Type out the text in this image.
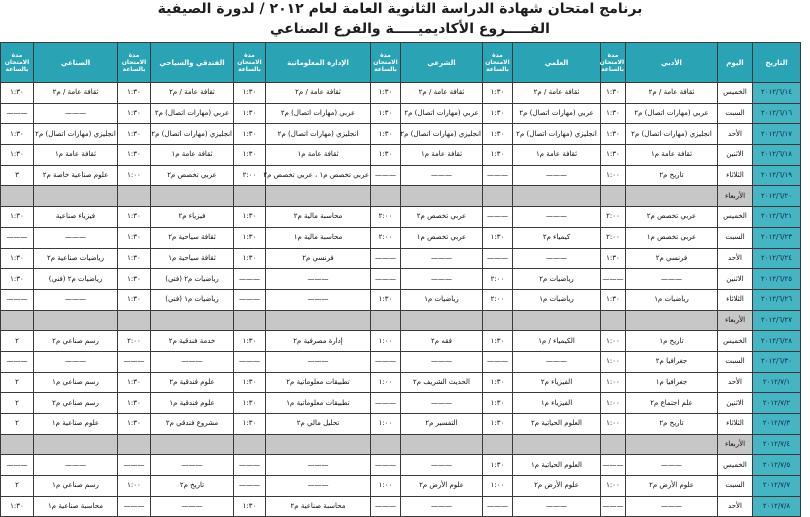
برنامج امتحان شهادة الدراسة الثانوية العامة لعام ٢٠١٢ / لدورة الصيفية
الفـــــروع الأكاديميـــــة والفرع الصناعي
التاريخ	اليوم	الأدبي	مدة الامتحان بالساعة	العلمي	مدة الامتحان بالساعة	الشرعي	مدة الامتحان بالساعة	الإدارة المعلوماتية	مدة الامتحان بالساعة	الفندقي والسياحي	مدة الامتحان بالساعة	الصناعي	مدة الامتحان بالساعة
٢٠١٢/٦/١٤	الخميس	ثقافة عامة / م٢	١:٣٠	ثقافة عامة / م٢	١:٣٠	ثقافة عامة / م٢	١:٣٠	ثقافة عامة / م٢	١:٣٠	ثقافة عامة / م٢	١:٣٠	ثقافة عامة / م٢	١:٣٠
٢٠١٢/٦/١٦	السبت	عربي (مهارات اتصال) م٢	١:٣٠	عربي (مهارات اتصال) م٢	١:٣٠	عربي (مهارات اتصال) م٢	١:٣٠	عربي (مهارات اتصال) م٢	١:٣٠	عربي (مهارات اتصال) م٢	١:٣٠	———	———
٢٠١٢/٦/١٧	الأحد	انجليزي (مهارات اتصال) م٢	١:٣٠	انجليزي (مهارات اتصال) م٢	١:٣٠	انجليزي (مهارات اتصال) م٢	١:٣٠	انجليزي (مهارات اتصال) م٢	١:٣٠	انجليزي (مهارات اتصال) م٢	١:٣٠	انجليزي (مهارات اتصال) م٢	١:٣٠
٢٠١٢/٦/١٨	الاثنين	ثقافة عامة م١	١:٣٠	ثقافة عامة م١	١:٣٠	ثقافة عامة م١	١:٣٠	ثقافة عامة م١	١:٣٠	ثقافة عامة م١	١:٣٠	ثقافة عامة م١	١:٣٠
٢٠١٢/٦/١٩	الثلاثاء	تاريخ م٢	١:٠٠	———	———	———	———	عربي تخصص م١ ، عربي تخصص م٢	٢:٠٠	عربي تخصص م٢	١:٠٠	علوم صناعية خاصة م٢	٣
٢٠١٢/٦/٢٠	الأربعاء												
٢٠١٢/٦/٢١	الخميس	عربي تخصص م٢	٢:٠٠	———	———	عربي تخصص م٢	٢:٠٠	محاسبة مالية م٢	١:٣٠	فيزياء م٢	١:٣٠	فيزياء صناعية	١:٣٠
٢٠١٢/٦/٢٣	السبت	عربي تخصص م١	٢:٠٠	كيمياء م٢	١:٣٠	عربي تخصص م١	٢:٠٠	محاسبة مالية م١	١:٣٠	ثقافة سياحية م٢	١:٣٠	———	———
٢٠١٢/٦/٢٤	الأحد	فرنسي م٢	١:٣٠	———	———	———	———	فرنسي م٢	١:٣٠	ثقافة سياحية م١	١:٣٠	رياضيات صناعية م٢	١:٣٠
٢٠١٢/٦/٢٥	الاثنين	———	———	رياضيات م٢	٢:٠٠	———	———	———	———	رياضيات م٢ (فني)	١:٣٠	رياضيات م٢ (فني)	١:٣٠
٢٠١٢/٦/٢٦	الثلاثاء	رياضيات م١	١:٣٠	رياضيات م١	٢:٠٠	رياضيات م١	١:٣٠	———	———	رياضيات م١ (فني)	١:٣٠	———	———
٢٠١٢/٦/٢٧	الأربعاء												
٢٠١٢/٦/٢٨	الخميس	تاريخ م١	١:٠٠	الكيمياء / م١	١:٣٠	فقه م٢	١:٠٠	إدارة مصرفية م٢	١:٣٠	خدمة فندقية م٢	٢:٠٠	رسم صناعي م٢	٢
٢٠١٢/٦/٣٠	السبت	جغرافيا م٢	١:٠٠	———	———	———	———	———	———	———	———	———	———
٢٠١٢/٧/١	الأحد	جغرافيا م١	١:٠٠	الفيزياء م٢	١:٣٠	الحديث الشريف م٢	١:٠٠	تطبيقات معلوماتية م٢	١:٣٠	علوم فندقية م٢	١:٣٠	رسم صناعي م١	٢
٢٠١٢/٧/٢	الاثنين	علم اجتماع م٢	١:٠٠	الفيزياء م١	١:٣٠	———	———	تطبيقات معلوماتية م١	١:٣٠	علوم فندقية م١	١:٣٠	رسم صناعي م٢	٢
٢٠١٢/٧/٣	الثلاثاء	تاريخ م٢	١:٠٠	العلوم الحياتية م٢	١:٣٠	التفسير م٢	١:٠٠	تحليل مالي م٢	١:٣٠	مشروع فندقي م٢	١:٣٠	علوم صناعية م١	٢
٢٠١٢/٧/٤	الأربعاء												
٢٠١٢/٧/٥	الخميس	———	———	العلوم الحياتية م١	١:٣٠	———	———	———	———	———	———	———	———
٢٠١٢/٧/٧	السبت	علوم الأرض م٢	١:٠٠	علوم الأرض م٢	١:٠٠	علوم الأرض م٢	١:٠٠	———	———	تاريخ م٢	١:٠٠	رسم صناعي م١	٢
٢٠١٢/٧/٨	الأحد	———	———	———	———	———	———	محاسبة صناعية م٢	١:٣٠	———	———	محاسبة صناعية م١	١:٣٠
